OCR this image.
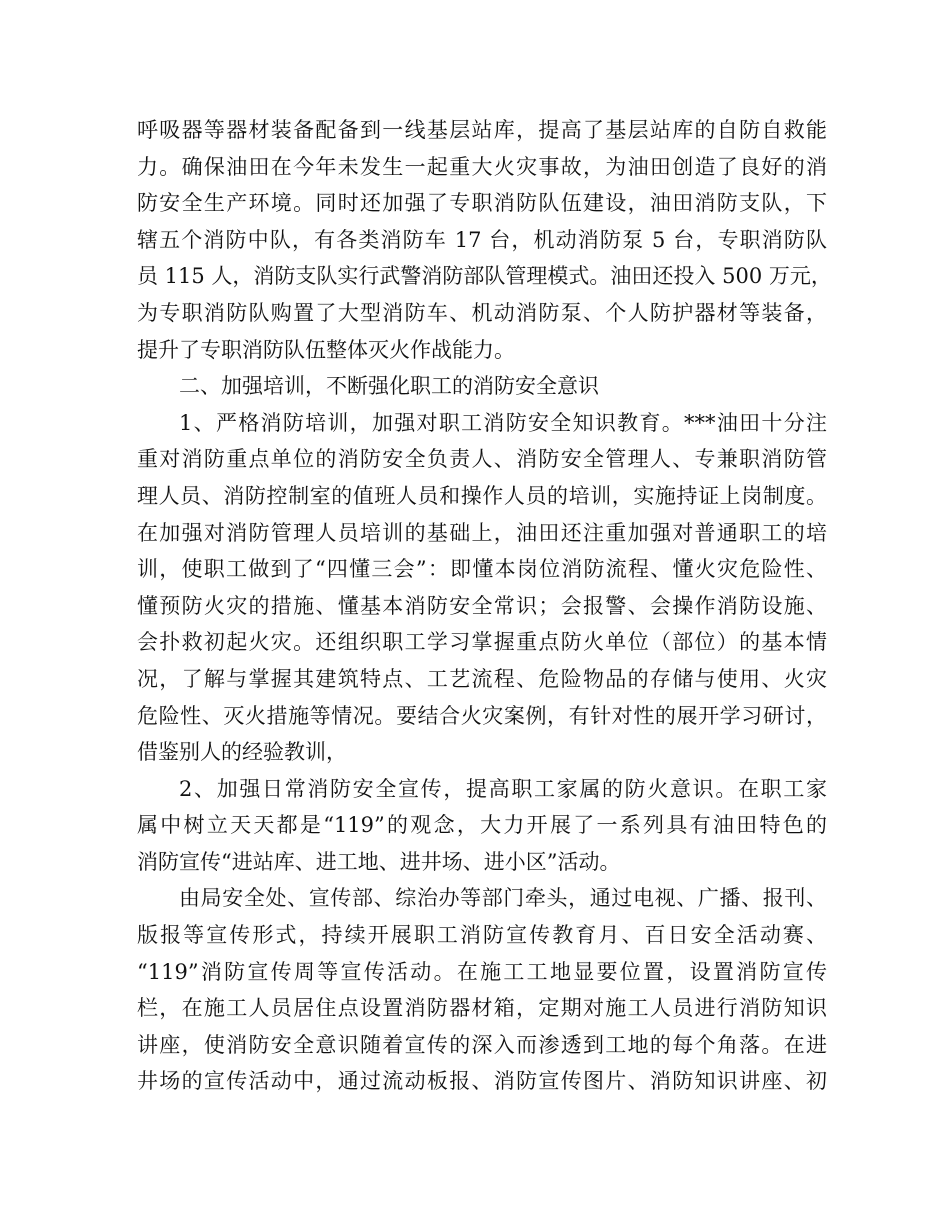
呼吸器等器材装备配备到一线基层站库，提高了基层站库的自防自救能
力。确保油田在今年未发生一起重大火灾事故，为油田创造了良好的消
防安全生产环境。同时还加强了专职消防队伍建设，油田消防支队，下
辖五个消防中队，有各类消防车 17 台，机动消防泵 5 台，专职消防队
员 115 人，消防支队实行武警消防部队管理模式。油田还投入 500 万元，
为专职消防队购置了大型消防车、机动消防泵、个人防护器材等装备，
提升了专职消防队伍整体灭火作战能力。
二、加强培训，不断强化职工的消防安全意识
1、严格消防培训，加强对职工消防安全知识教育。***油田十分注
重对消防重点单位的消防安全负责人、消防安全管理人、专兼职消防管
理人员、消防控制室的值班人员和操作人员的培训，实施持证上岗制度。
在加强对消防管理人员培训的基础上，油田还注重加强对普通职工的培
训，使职工做到了“四懂三会”：即懂本岗位消防流程、懂火灾危险性、
懂预防火灾的措施、懂基本消防安全常识；会报警、会操作消防设施、
会扑救初起火灾。还组织职工学习掌握重点防火单位（部位）的基本情
况，了解与掌握其建筑特点、工艺流程、危险物品的存储与使用、火灾
危险性、灭火措施等情况。要结合火灾案例，有针对性的展开学习研讨，
借鉴别人的经验教训，
2、加强日常消防安全宣传，提高职工家属的防火意识。在职工家
属中树立天天都是“119”的观念，大力开展了一系列具有油田特色的
消防宣传“进站库、进工地、进井场、进小区”活动。
由局安全处、宣传部、综治办等部门牵头，通过电视、广播、报刊、
版报等宣传形式，持续开展职工消防宣传教育月、百日安全活动赛、
“119”消防宣传周等宣传活动。在施工工地显要位置，设置消防宣传
栏，在施工人员居住点设置消防器材箱，定期对施工人员进行消防知识
讲座，使消防安全意识随着宣传的深入而渗透到工地的每个角落。在进
井场的宣传活动中，通过流动板报、消防宣传图片、消防知识讲座、初
